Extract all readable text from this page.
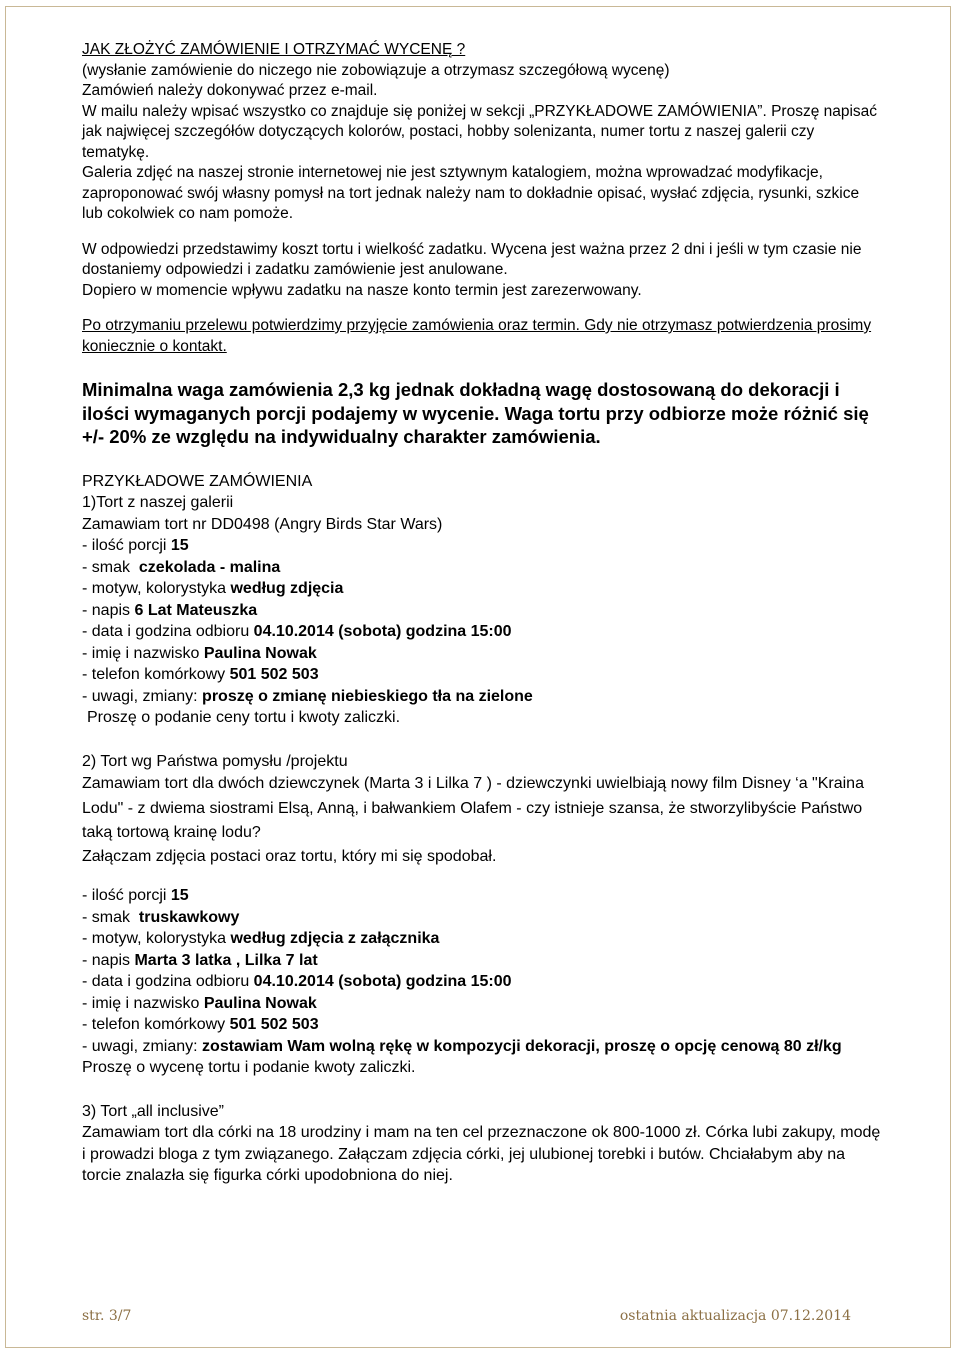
JAK ZŁOŻYĆ ZAMÓWIENIE I OTRZYMAĆ WYCENĘ ?

(wysłanie zamówienie do niczego nie zobowiązuje a otrzymasz szczegółową wycenę)

Zamówień należy dokonywać przez e-mail.

W mailu należy wpisać wszystko co znajduje się poniżej w sekcji „PRZYKŁADOWE ZAMÓWIENIA”. Proszę napisać jak najwięcej szczegółów dotyczących kolorów, postaci, hobby solenizanta, numer tortu z naszej galerii czy tematykę.

Galeria zdjęć na naszej stronie internetowej nie jest sztywnym katalogiem, można wprowadzać modyfikacje, zaproponować swój własny pomysł na tort jednak należy nam to dokładnie opisać, wysłać zdjęcia, rysunki, szkice lub cokolwiek co nam pomoże.

W odpowiedzi przedstawimy koszt tortu i wielkość zadatku. Wycena jest ważna przez 2 dni i jeśli w tym czasie nie dostaniemy odpowiedzi i zadatku zamówienie jest anulowane.

Dopiero w momencie wpływu zadatku na nasze konto termin jest zarezerwowany.

Po otrzymaniu przelewu potwierdzimy przyjęcie zamówienia oraz termin. Gdy nie otrzymasz potwierdzenia prosimy koniecznie o kontakt.

Minimalna waga zamówienia 2,3 kg jednak dokładną wagę dostosowaną do dekoracji i ilości wymaganych porcji podajemy w wycenie. Waga tortu przy odbiorze może różnić się +/- 20% ze względu na indywidualny charakter zamówienia.

PRZYKŁADOWE ZAMÓWIENIA

1)Tort z naszej galerii

Zamawiam tort nr DD0498 (Angry Birds Star Wars)

- ilość porcji 15

- smak  czekolada - malina

- motyw, kolorystyka według zdjęcia

- napis 6 Lat Mateuszka

- data i godzina odbioru 04.10.2014 (sobota) godzina 15:00

- imię i nazwisko Paulina Nowak

- telefon komórkowy 501 502 503

- uwagi, zmiany: proszę o zmianę niebieskiego tła na zielone

Proszę o podanie ceny tortu i kwoty zaliczki.

2) Tort wg Państwa pomysłu /projektu

Zamawiam tort dla dwóch dziewczynek (Marta 3 i Lilka 7 ) - dziewczynki uwielbiają nowy film Disney ‘a "Kraina Lodu" - z dwiema siostrami Elsą, Anną, i bałwankiem Olafem - czy istnieje szansa, że stworzylibyście Państwo taką tortową krainę lodu?

Załączam zdjęcia postaci oraz tortu, który mi się spodobał.

- ilość porcji 15

- smak  truskawkowy

- motyw, kolorystyka według zdjęcia z załącznika

- napis Marta 3 latka , Lilka 7 lat

- data i godzina odbioru 04.10.2014 (sobota) godzina 15:00

- imię i nazwisko Paulina Nowak

- telefon komórkowy 501 502 503

- uwagi, zmiany: zostawiam Wam wolną rękę w kompozycji dekoracji, proszę o opcję cenową 80 zł/kg

Proszę o wycenę tortu i podanie kwoty zaliczki.

3) Tort „all inclusive”

Zamawiam tort dla córki na 18 urodziny i mam na ten cel przeznaczone ok 800-1000 zł. Córka lubi zakupy, modę i prowadzi bloga z tym związanego. Załączam zdjęcia córki, jej ulubionej torebki i butów. Chciałabym aby na torcie znalazła się figurka córki upodobniona do niej.

str. 3/7	ostatnia aktualizacja 07.12.2014
